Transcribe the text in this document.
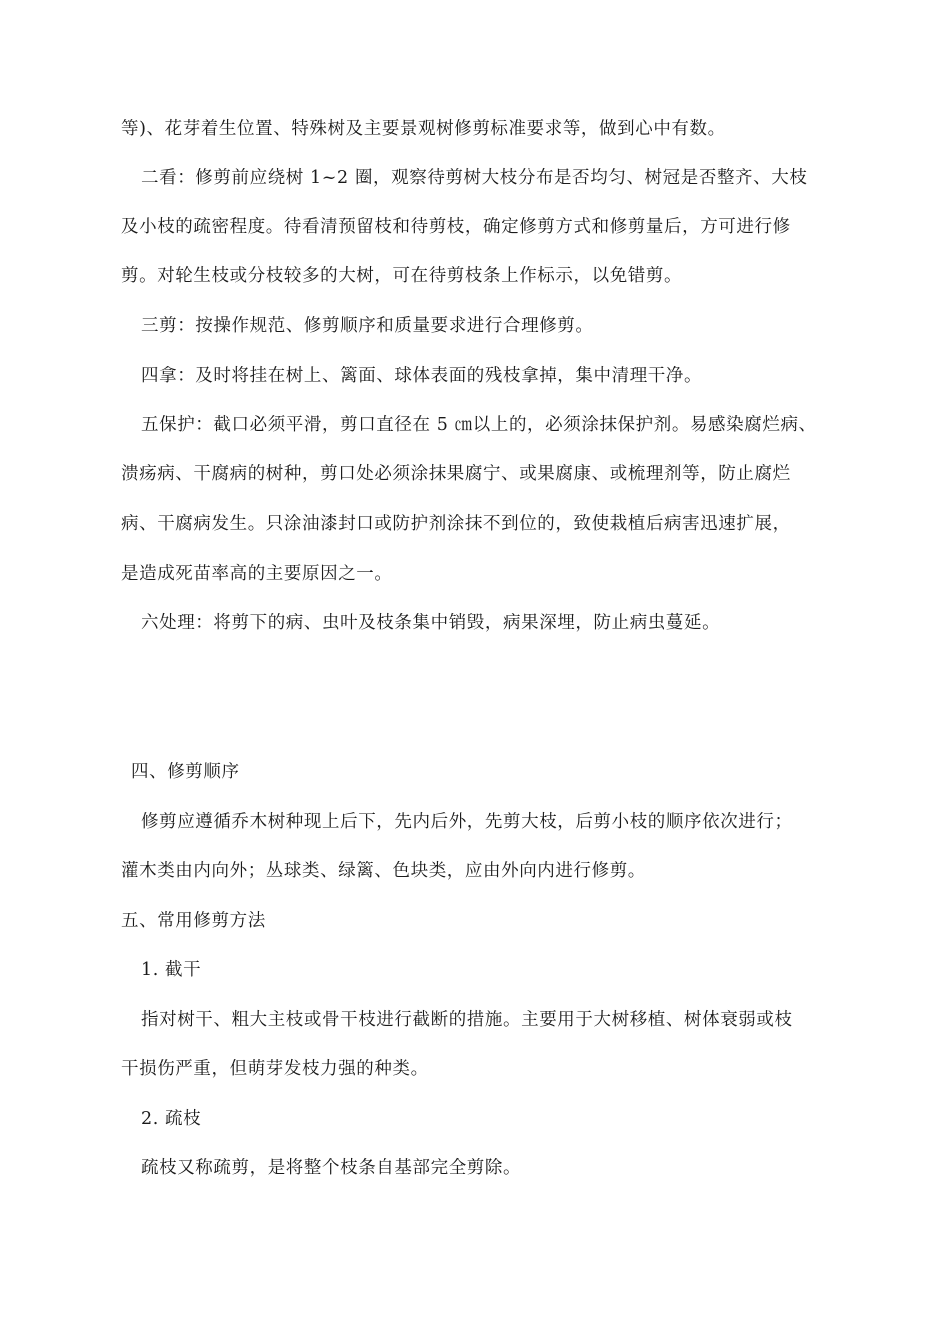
等)、花芽着生位置、特殊树及主要景观树修剪标准要求等，做到心中有数。
二看：修剪前应绕树 1~2 圈，观察待剪树大枝分布是否均匀、树冠是否整齐、大枝
及小枝的疏密程度。待看清预留枝和待剪枝，确定修剪方式和修剪量后，方可进行修
剪。对轮生枝或分枝较多的大树，可在待剪枝条上作标示，以免错剪。
三剪：按操作规范、修剪顺序和质量要求进行合理修剪。
四拿：及时将挂在树上、篱面、球体表面的残枝拿掉，集中清理干净。
五保护：截口必须平滑，剪口直径在 5 ㎝以上的，必须涂抹保护剂。易感染腐烂病、
溃疡病、干腐病的树种，剪口处必须涂抹果腐宁、或果腐康、或梳理剂等，防止腐烂
病、干腐病发生。只涂油漆封口或防护剂涂抹不到位的，致使栽植后病害迅速扩展，
是造成死苗率高的主要原因之一。
六处理：将剪下的病、虫叶及枝条集中销毁，病果深埋，防止病虫蔓延。
四、修剪顺序
修剪应遵循乔木树种现上后下，先内后外，先剪大枝，后剪小枝的顺序依次进行；
灌木类由内向外；丛球类、绿篱、色块类，应由外向内进行修剪。
五、常用修剪方法
1. 截干
指对树干、粗大主枝或骨干枝进行截断的措施。主要用于大树移植、树体衰弱或枝
干损伤严重，但萌芽发枝力强的种类。
2. 疏枝
疏枝又称疏剪，是将整个枝条自基部完全剪除。
